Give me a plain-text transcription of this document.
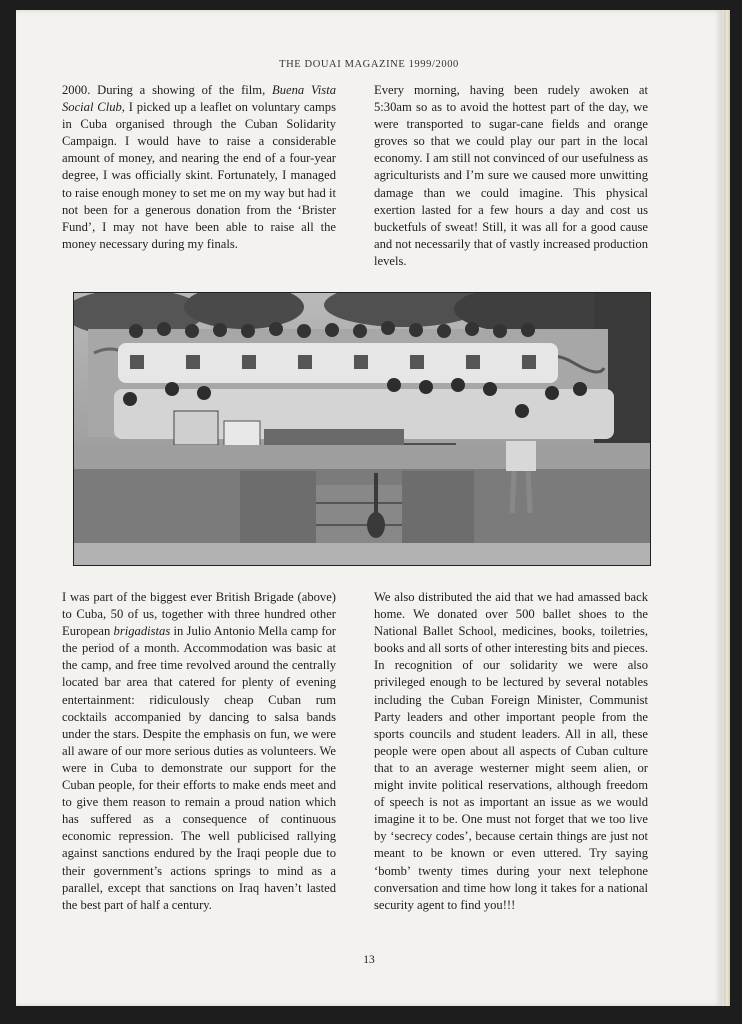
THE DOUAI MAGAZINE 1999/2000

2000. During a showing of the film, Buena Vista Social Club, I picked up a leaflet on voluntary camps in Cuba organised through the Cuban Solidarity Campaign. I would have to raise a considerable amount of money, and nearing the end of a four-year degree, I was officially skint. Fortunately, I managed to raise enough money to set me on my way but had it not been for a generous donation from the ‘Brister Fund’, I may not have been able to raise all the money necessary during my finals.

Every morning, having been rudely awoken at 5:30am so as to avoid the hottest part of the day, we were transported to sugar-cane fields and orange groves so that we could play our part in the local economy. I am still not convinced of our usefulness as agriculturists and I’m sure we caused more unwitting damage than we could imagine. This physical exertion lasted for a few hours a day and cost us bucketfuls of sweat! Still, it was all for a good cause and not necessarily that of vastly increased production levels.

I was part of the biggest ever British Brigade (above) to Cuba, 50 of us, together with three hundred other European brigadistas in Julio Antonio Mella camp for the period of a month. Accommodation was basic at the camp, and free time revolved around the centrally located bar area that catered for plenty of evening entertainment: ridiculously cheap Cuban rum cocktails accompanied by dancing to salsa bands under the stars. Despite the emphasis on fun, we were all aware of our more serious duties as volunteers. We were in Cuba to demonstrate our support for the Cuban people, for their efforts to make ends meet and to give them reason to remain a proud nation which has suffered as a consequence of continuous economic repression. The well publicised rallying against sanctions endured by the Iraqi people due to their government’s actions springs to mind as a parallel, except that sanctions on Iraq haven’t lasted the best part of half a century.

We also distributed the aid that we had amassed back home. We donated over 500 ballet shoes to the National Ballet School, medicines, books, toiletries, books and all sorts of other interesting bits and pieces. In recognition of our solidarity we were also privileged enough to be lectured by several notables including the Cuban Foreign Minister, Communist Party leaders and other important people from the sports councils and student leaders. All in all, these people were open about all aspects of Cuban culture that to an average westerner might seem alien, or might invite political reservations, although freedom of speech is not as important an issue as we would imagine it to be. One must not forget that we too live by ‘secrecy codes’, because certain things are just not meant to be known or even uttered. Try saying ‘bomb’ twenty times during your next telephone conversation and time how long it takes for a national security agent to find you!!!

13
